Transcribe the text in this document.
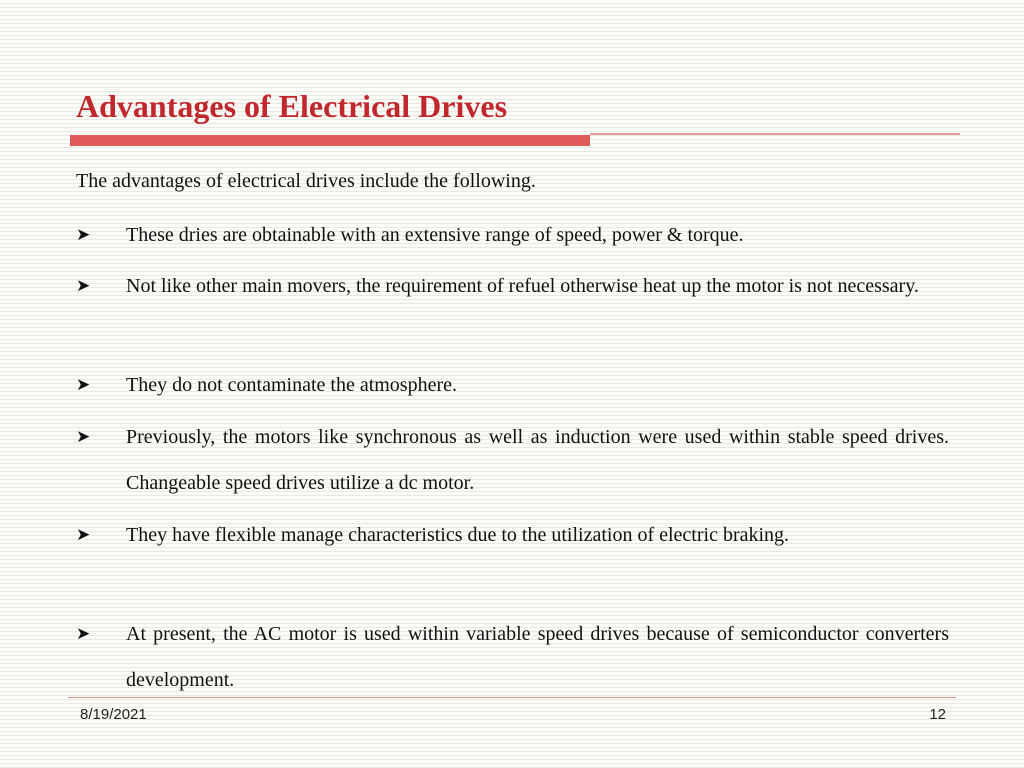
Advantages of Electrical Drives
The advantages of electrical drives include the following.
➤ These dries are obtainable with an extensive range of speed, power & torque.
➤ Not like other main movers, the requirement of refuel otherwise heat up the motor is not necessary.
➤ They do not contaminate the atmosphere.
➤ Previously, the motors like synchronous as well as induction were used within stable speed drives. Changeable speed drives utilize a dc motor.
➤ They have flexible manage characteristics due to the utilization of electric braking.
➤ At present, the AC motor is used within variable speed drives because of semiconductor converters development.
8/19/2021	12
